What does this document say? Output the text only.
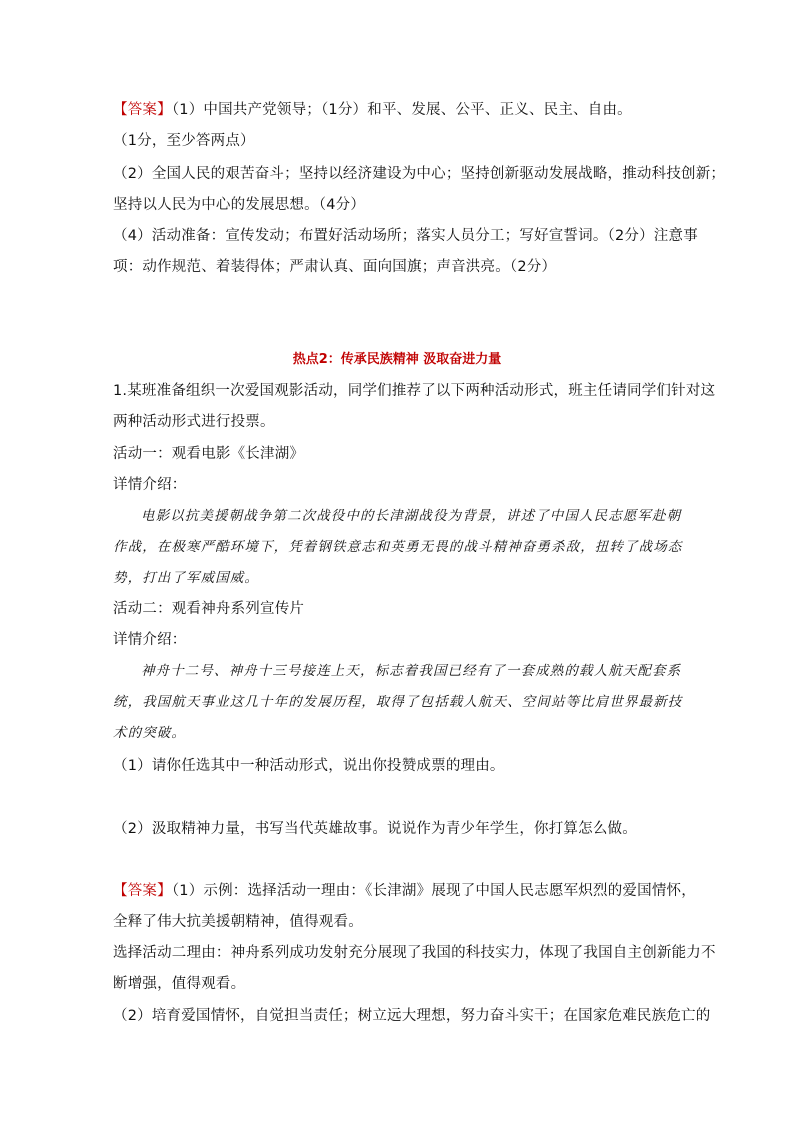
【答案】（1）中国共产党领导；（1分）和平、发展、公平、正义、民主、自由。
（1分，至少答两点）
（2）全国人民的艰苦奋斗；坚持以经济建设为中心；坚持创新驱动发展战略，推动科技创新；
坚持以人民为中心的发展思想。（4分）
（4）活动准备：宣传发动；布置好活动场所；落实人员分工；写好宣誓词。（2分）注意事
项：动作规范、着装得体；严肃认真、面向国旗；声音洪亮。（2分）
热点2：传承民族精神 汲取奋进力量
1.某班准备组织一次爱国观影活动，同学们推荐了以下两种活动形式，班主任请同学们针对这
两种活动形式进行投票。
活动一：观看电影《长津湖》
详情介绍：
电影以抗美援朝战争第二次战役中的长津湖战役为背景，讲述了中国人民志愿军赴朝
作战，在极寒严酷环境下，凭着钢铁意志和英勇无畏的战斗精神奋勇杀敌，扭转了战场态
势，打出了军威国威。
活动二：观看神舟系列宣传片
详情介绍：
神舟十二号、神舟十三号接连上天，标志着我国已经有了一套成熟的载人航天配套系
统，我国航天事业这几十年的发展历程，取得了包括载人航天、空间站等比肩世界最新技
术的突破。
（1）请你任选其中一种活动形式，说出你投赞成票的理由。
（2）汲取精神力量，书写当代英雄故事。说说作为青少年学生，你打算怎么做。
【答案】（1）示例：选择活动一理由：《长津湖》展现了中国人民志愿军炽烈的爱国情怀，
全释了伟大抗美援朝精神，值得观看。
选择活动二理由：神舟系列成功发射充分展现了我国的科技实力，体现了我国自主创新能力不
断增强，值得观看。
（2）培育爱国情怀，自觉担当责任；树立远大理想，努力奋斗实干；在国家危难民族危亡的
